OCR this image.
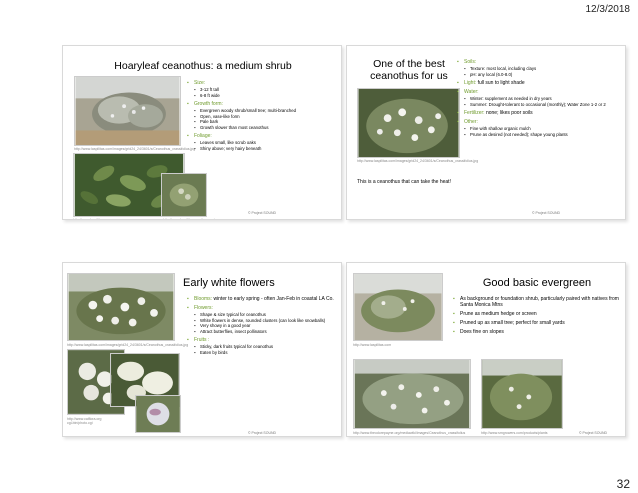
12/3/2018
Hoaryleaf ceanothus: a medium shrub
http://www.laspilitas.com/images/grid24_24/3601/s/Ceanothus_crassifolius.jpg
http://www.laspilitas.com	http://www.laspilitas.com/images/
▪ Size:
▪ 3-12 ft tall
▪ 6-8 ft wide
▪ Growth form:
▪ Evergreen woody shrub/small tree; multi-branched
▪ Open, vase-like form
▪ Pale bark
▪ Growth slower than most ceanothus
▪ Foliage:
▪ Leaves small, like scrub oaks
▪ Shiny above; very hairy beneath
© Project SOUND
One of the best ceanothus for us
http://www.laspilitas.com/images/grid24_24/3601/s/Ceanothus_crassifolius.jpg
This is a ceanothus that can take the heat!
▪ Soils:
▪ Texture: most local, including clays
▪ pH: any local (6.0-8.0)
▪ Light: full sun to light shade
▪ Water:
▪ Winter: supplement as needed in dry years
▪ Summer: Drought-tolerant to occasional (monthly); Water Zone 1-2 or 2
▪ Fertilizer: none; likes poor soils
▪ Other:
▪ Fine with shallow organic mulch
▪ Prune as desired (not needed); shape young plants
© Project SOUND
http://www.laspilitas.com/images/grid24_24/3601/s/Ceanothus_crassifolius.jpg
http://www.calflora.org
cgi-bin/photo.cgi
Early white flowers
▪ Blooms: winter to early spring - often Jan-Feb in coastal LA Co.
▪ Flowers:
▪ Shape & size typical for ceanothus
▪ White flowers in dense, rounded clusters (can look like snowballs)
▪ Very showy in a good year
▪ Attract butterflies, insect pollinators
▪ Fruits :
▪ Sticky, dark fruits typical for ceanothus
▪ Eaten by birds
© Project SOUND
http://www.laspilitas.com
Good basic evergreen
▪ As background or foundation shrub, particularly paired with natives from Santa Monica Mtns
▪ Prune as medium hedge or screen
▪ Pruned up as small tree; perfect for small yards
▪ Does fine on slopes
http://www.theodorepayne.org/mediawiki/images/Ceanothus_crassifolius	http://www.smgrowers.com/products/plants	© Project SOUND
32
